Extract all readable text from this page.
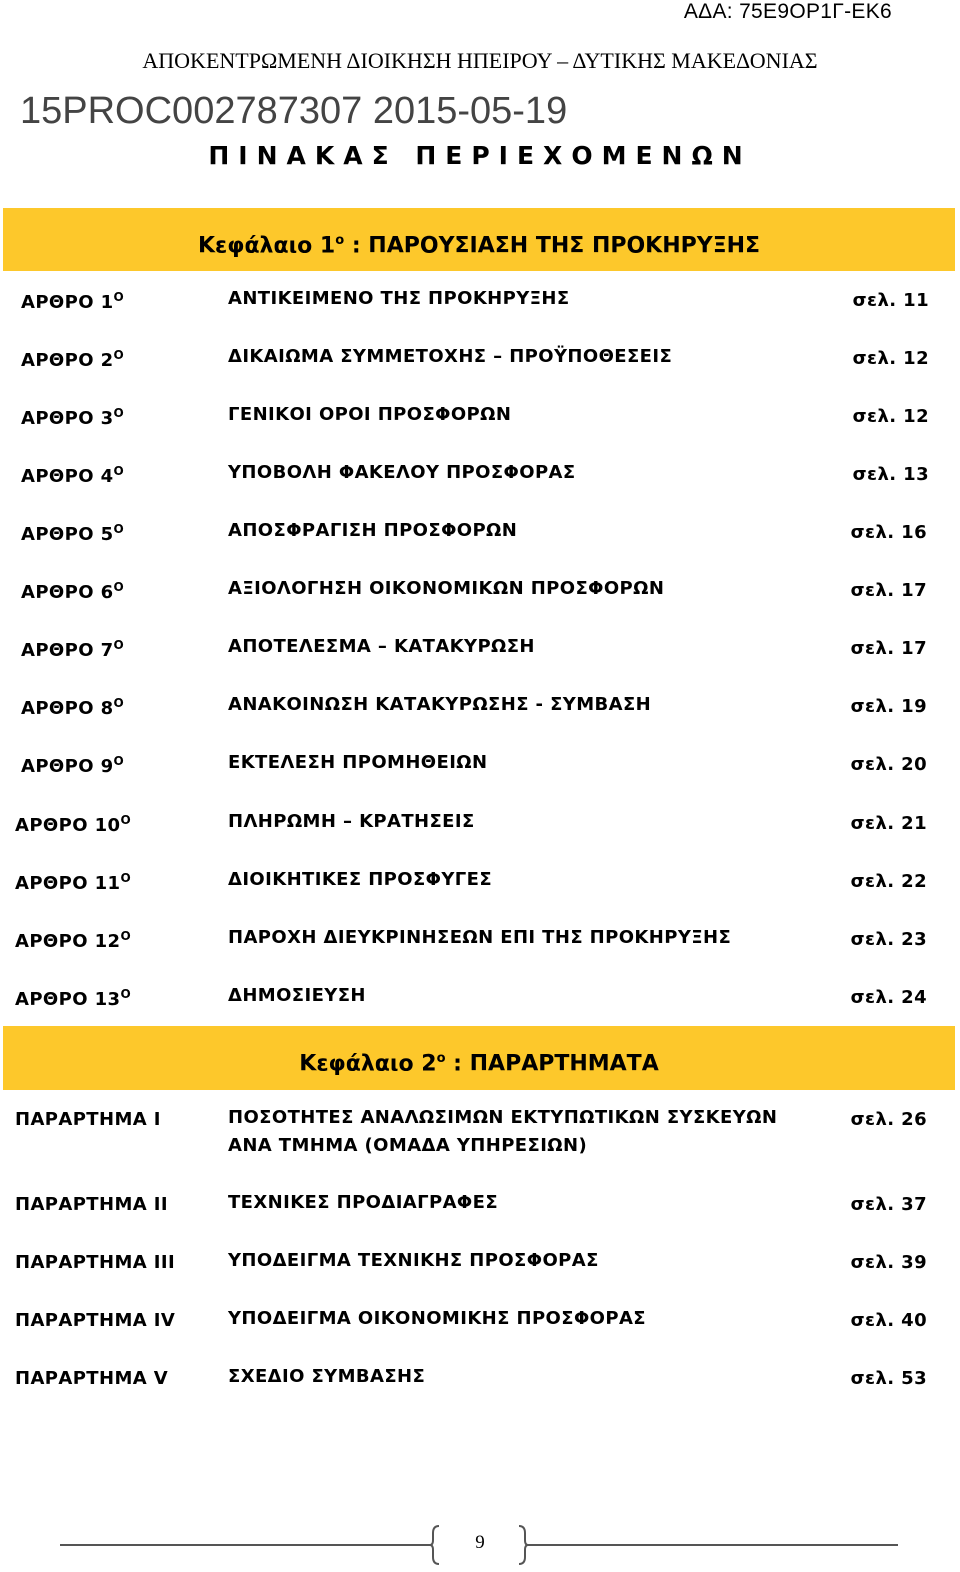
ΑΔΑ: 75Ε9ΟΡ1Γ-ΕΚ6
ΑΠΟΚΕΝΤΡΩΜΕΝΗ ΔΙΟΙΚΗΣΗ ΗΠΕΙΡΟΥ – ΔΥΤΙΚΗΣ ΜΑΚΕΔΟΝΙΑΣ
15PROC002787307 2015-05-19
ΠΙΝΑΚΑΣ ΠΕΡΙΕΧΟΜΕΝΩΝ
Κεφάλαιο $1^o$ : ΠΑΡΟΥΣΙΑΣΗ ΤΗΣ ΠΡΟΚΗΡΥΞΗΣ
ΑΡΘΡΟ $1^O$	ΑΝΤΙΚΕΙΜΕΝΟ ΤΗΣ ΠΡΟΚΗΡΥΞΗΣ	σελ. 11
ΑΡΘΡΟ $2^O$	ΔΙΚΑΙΩΜΑ ΣΥΜΜΕΤΟΧΗΣ – ΠΡΟΫΠΟΘΕΣΕΙΣ	σελ. 12
ΑΡΘΡΟ $3^O$	ΓΕΝΙΚΟΙ ΟΡΟΙ ΠΡΟΣΦΟΡΩΝ	σελ. 12
ΑΡΘΡΟ $4^O$	ΥΠΟΒΟΛΗ ΦΑΚΕΛΟΥ ΠΡΟΣΦΟΡΑΣ	σελ. 13
ΑΡΘΡΟ $5^O$	ΑΠΟΣΦΡΑΓΙΣΗ ΠΡΟΣΦΟΡΩΝ	σελ. 16
ΑΡΘΡΟ $6^O$	ΑΞΙΟΛΟΓΗΣΗ ΟΙΚΟΝΟΜΙΚΩΝ ΠΡΟΣΦΟΡΩΝ	σελ. 17
ΑΡΘΡΟ $7^O$	ΑΠΟΤΕΛΕΣΜΑ – ΚΑΤΑΚΥΡΩΣΗ	σελ. 17
ΑΡΘΡΟ $8^O$	ΑΝΑΚΟΙΝΩΣΗ ΚΑΤΑΚΥΡΩΣΗΣ - ΣΥΜΒΑΣΗ	σελ. 19
ΑΡΘΡΟ $9^O$	ΕΚΤΕΛΕΣΗ ΠΡΟΜΗΘΕΙΩΝ	σελ. 20
ΑΡΘΡΟ $10^O$	ΠΛΗΡΩΜΗ – ΚΡΑΤΗΣΕΙΣ	σελ. 21
ΑΡΘΡΟ $11^O$	ΔΙΟΙΚΗΤΙΚΕΣ ΠΡΟΣΦΥΓΕΣ	σελ. 22
ΑΡΘΡΟ $12^O$	ΠΑΡΟΧΗ ΔΙΕΥΚΡΙΝΗΣΕΩΝ ΕΠΙ ΤΗΣ ΠΡΟΚΗΡΥΞΗΣ	σελ. 23
ΑΡΘΡΟ $13^O$	ΔΗΜΟΣΙΕΥΣΗ	σελ. 24
Κεφάλαιο $2^o$ : ΠΑΡΑΡΤΗΜΑΤΑ
ΠΑΡΑΡΤΗΜΑ Ι	ΠΟΣΟΤΗΤΕΣ ΑΝΑΛΩΣΙΜΩΝ ΕΚΤΥΠΩΤΙΚΩΝ ΣΥΣΚΕΥΩΝ
ΑΝΑ ΤΜΗΜΑ (ΟΜΑΔΑ ΥΠΗΡΕΣΙΩΝ)
σελ. 26
ΠΑΡΑΡΤΗΜΑ ΙΙ	ΤΕΧΝΙΚΕΣ ΠΡΟΔΙΑΓΡΑΦΕΣ	σελ. 37
ΠΑΡΑΡΤΗΜΑ ΙΙΙ	ΥΠΟΔΕΙΓΜΑ ΤΕΧΝΙΚΗΣ ΠΡΟΣΦΟΡΑΣ	σελ. 39
ΠΑΡΑΡΤΗΜΑ IV	ΥΠΟΔΕΙΓΜΑ ΟΙΚΟΝΟΜΙΚΗΣ ΠΡΟΣΦΟΡΑΣ	σελ. 40
ΠΑΡΑΡΤΗΜΑ V	ΣΧΕΔΙΟ ΣΥΜΒΑΣΗΣ	σελ. 53
9
